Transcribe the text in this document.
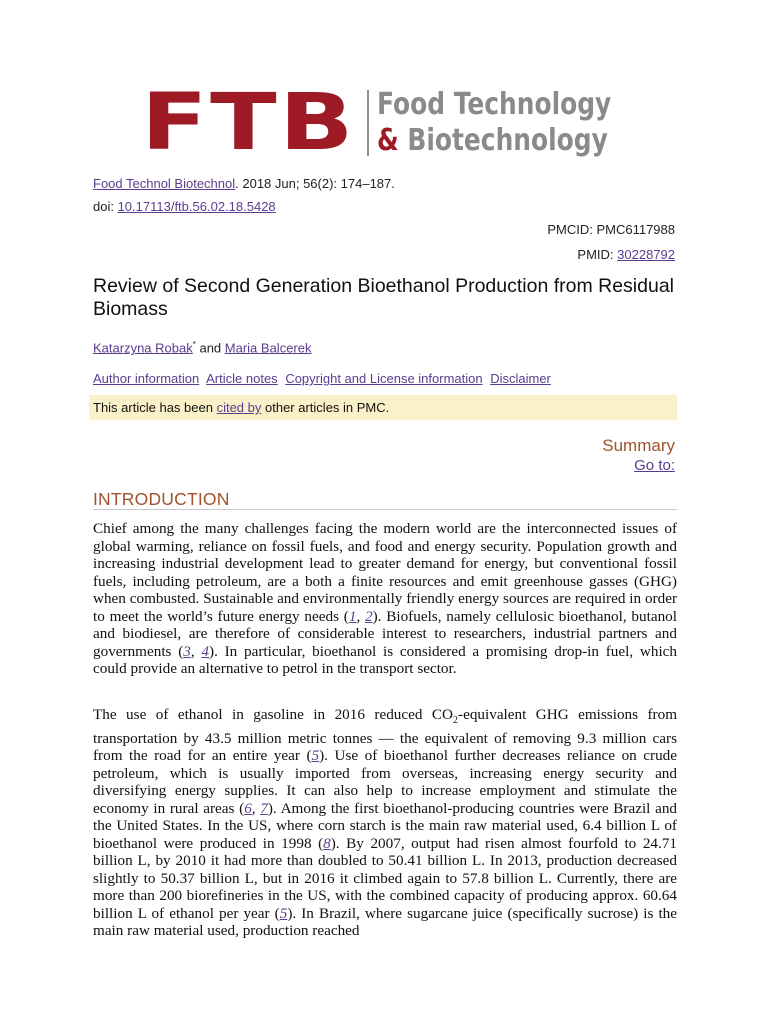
FTB Food Technology
& Biotechnology
Food Technol Biotechnol. 2018 Jun; 56(2): 174–187.
doi: 10.17113/ftb.56.02.18.5428
PMCID: PMC6117988
PMID: 30228792
Review of Second Generation Bioethanol Production from Residual Biomass
Katarzyna Robak* and Maria Balcerek
Author information Article notes Copyright and License information Disclaimer
This article has been cited by other articles in PMC.
Summary
Go to:
INTRODUCTION
Chief among the many challenges facing the modern world are the interconnected issues of global warming, reliance on fossil fuels, and food and energy security. Population growth and increasing industrial development lead to greater demand for energy, but conventional fossil fuels, including petroleum, are a both a finite resources and emit greenhouse gasses (GHG) when combusted. Sustainable and environmentally friendly energy sources are required in order to meet the world’s future energy needs (1, 2). Biofuels, namely cellulosic bioethanol, butanol and biodiesel, are therefore of considerable interest to researchers, industrial partners and governments (3, 4). In particular, bioethanol is considered a promising drop-in fuel, which could provide an alternative to petrol in the transport sector.
The use of ethanol in gasoline in 2016 reduced $CO_2$-equivalent GHG emissions from transportation by 43.5 million metric tonnes — the equivalent of removing 9.3 million cars from the road for an entire year (5). Use of bioethanol further decreases reliance on crude petroleum, which is usually imported from overseas, increasing energy security and diversifying energy supplies. It can also help to increase employment and stimulate the economy in rural areas (6, 7). Among the first bioethanol-producing countries were Brazil and the United States. In the US, where corn starch is the main raw material used, 6.4 billion L of bioethanol were produced in 1998 (8). By 2007, output had risen almost fourfold to 24.71 billion L, by 2010 it had more than doubled to 50.41 billion L. In 2013, production decreased slightly to 50.37 billion L, but in 2016 it climbed again to 57.8 billion L. Currently, there are more than 200 biorefineries in the US, with the combined capacity of producing approx. 60.64 billion L of ethanol per year (5). In Brazil, where sugarcane juice (specifically sucrose) is the main raw material used, production reached
